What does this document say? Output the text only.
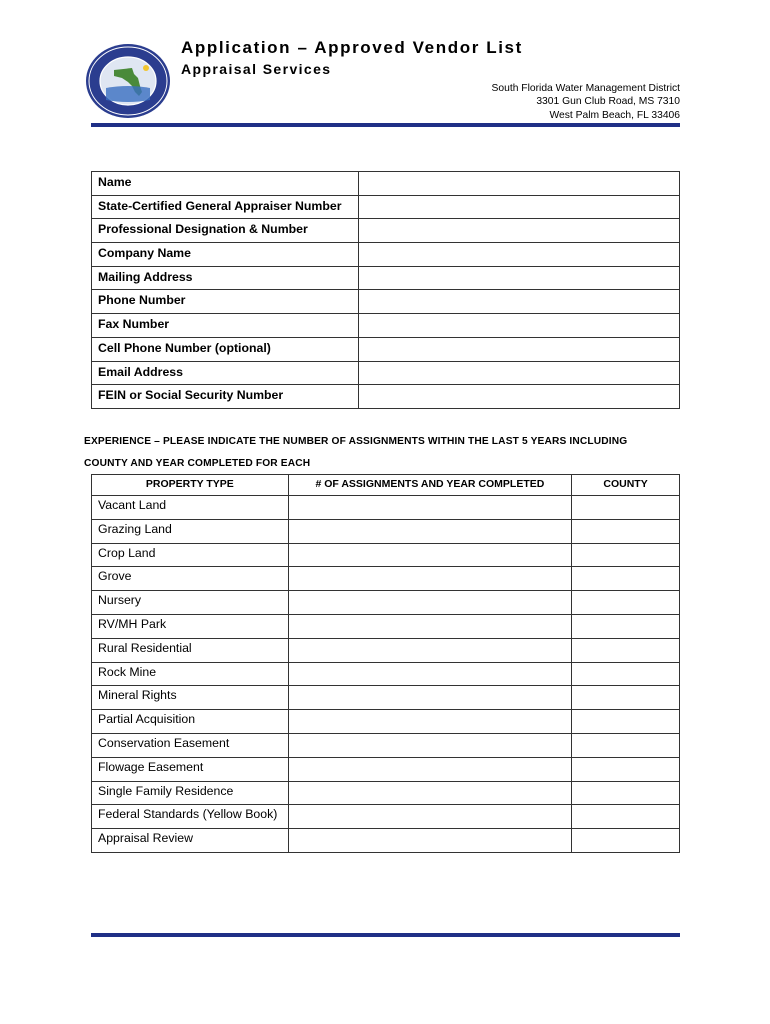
Application – Approved Vendor List
Appraisal Services
South Florida Water Management District
3301 Gun Club Road, MS 7310
West Palm Beach, FL 33406
Name	
State-Certified General Appraiser Number	
Professional Designation & Number	
Company Name	
Mailing Address	
Phone Number	
Fax Number	
Cell Phone Number (optional)	
Email Address	
FEIN or Social Security Number	
EXPERIENCE – PLEASE INDICATE THE NUMBER OF ASSIGNMENTS WITHIN THE LAST 5 YEARS INCLUDING
COUNTY AND YEAR COMPLETED FOR EACH
PROPERTY TYPE	# OF ASSIGNMENTS AND YEAR COMPLETED	COUNTY
Vacant Land		
Grazing Land		
Crop Land		
Grove		
Nursery		
RV/MH Park		
Rural Residential		
Rock Mine		
Mineral Rights		
Partial Acquisition		
Conservation Easement		
Flowage Easement		
Single Family Residence		
Federal Standards (Yellow Book)		
Appraisal Review		
